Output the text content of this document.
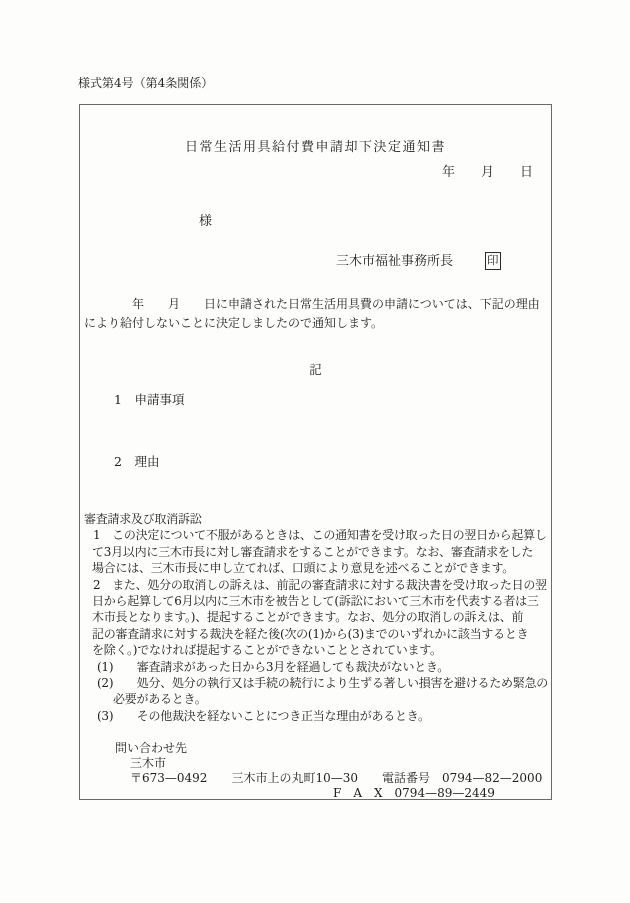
様式第4号（第4条関係）
日常生活用具給付費申請却下決定通知書
年　　月　　日
様
三木市福祉事務所長	印
　　　　年　　月　　日に申請された日常生活用具費の申請については、下記の理由
により給付しないことに決定しましたので通知します。
記
1　申請事項
2　理由
審査請求及び取消訴訟
1　この決定について不服があるときは、この通知書を受け取った日の翌日から起算し
て3月以内に三木市長に対し審査請求をすることができます。なお、審査請求をした
場合には、三木市長に申し立てれば、口頭により意見を述べることができます。
2　また、処分の取消しの訴えは、前記の審査請求に対する裁決書を受け取った日の翌
日から起算して6月以内に三木市を被告として(訴訟において三木市を代表する者は三
木市長となります。)、提起することができます。なお、処分の取消しの訴えは、前
記の審査請求に対する裁決を経た後(次の(1)から(3)までのいずれかに該当するとき
を除く。)でなければ提起することができないこととされています。
(1)　　審査請求があった日から3月を経過しても裁決がないとき。
(2)　　処分、処分の執行又は手続の続行により生ずる著しい損害を避けるため緊急の
必要があるとき。
(3)　　その他裁決を経ないことにつき正当な理由があるとき。
問い合わせ先
三木市
〒673—0492　　三木市上の丸町10—30　　電話番号　0794—82—2000
F　A　X　0794—89—2449
